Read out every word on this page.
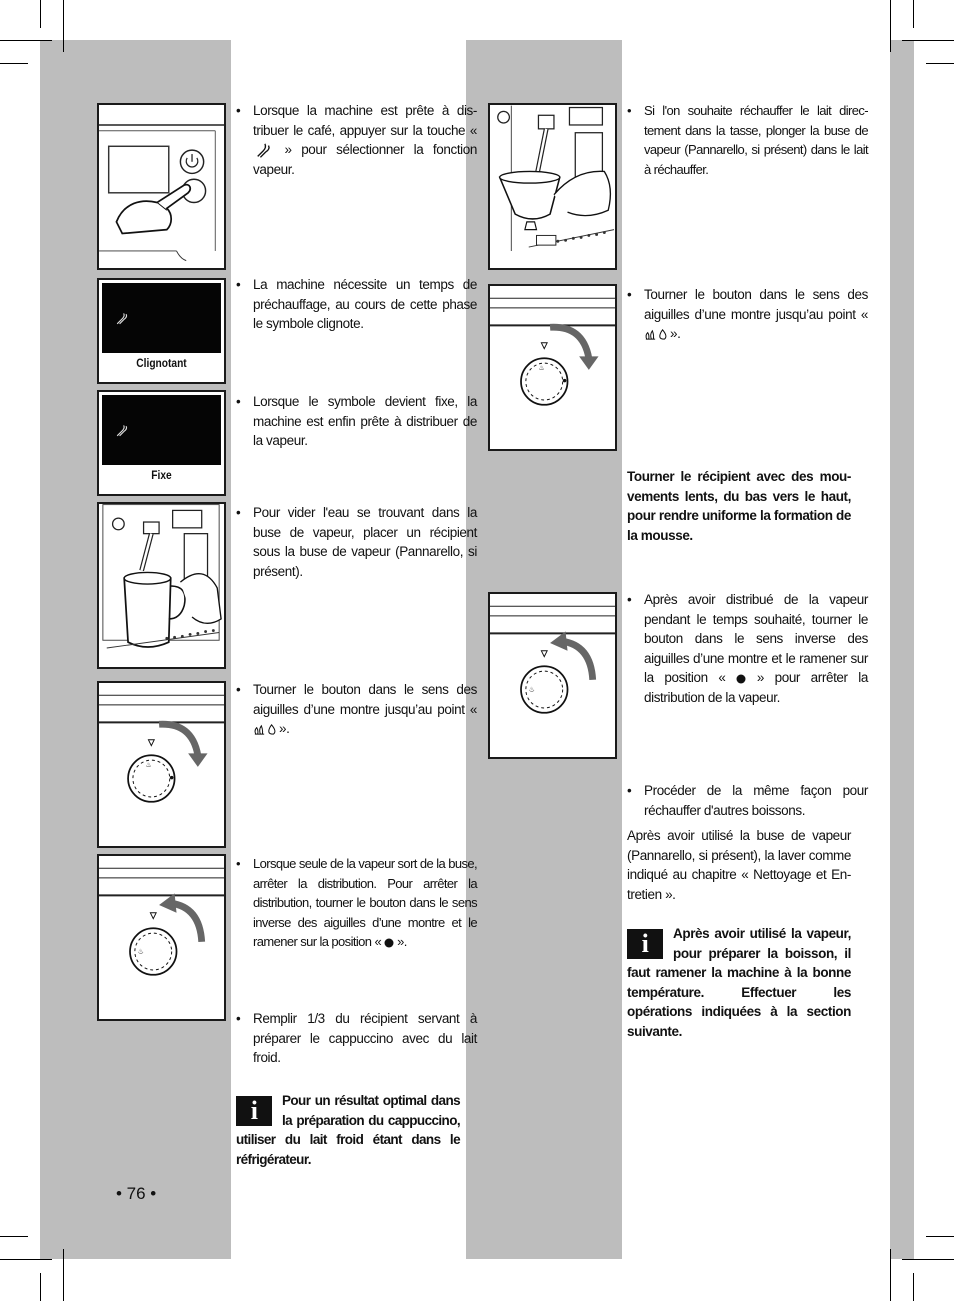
Clignotant
Fixe
♨
♨
• Lorsque la machine est prête à dis-tribuer le café, appuyer sur la touche «  » pour sélectionner la fonction vapeur.
• La machine nécessite un temps de préchauffage, au cours de cette phase le symbole clignote.
• Lorsque le symbole devient fixe, la machine est enfin prête à distribuer de la vapeur.
• Pour vider l'eau se trouvant dans la buse de vapeur, placer un récipient sous la buse de vapeur (Pannarello, si présent).
• Tourner le bouton dans le sens des aiguilles d’une montre jusqu’au point «».
• Lorsque seule de la vapeur sort de la buse, arrêter la distribution. Pour arrêter la distribution, tourner le bouton dans le sens inverse des aiguilles d’une montre et le ramener sur la position « ».
• Remplir 1/3 du récipient servant à préparer le cappuccino avec du lait froid.
i	Pour un résultat optimal dans la préparation du cappuccino, utiliser du lait froid étant dans le réfrigérateur.
• 76 •
♨
♨
• Si l'on souhaite réchauffer le lait direc-tement dans la tasse, plonger la buse de vapeur (Pannarello, si présent) dans le lait à réchauffer.
• Tourner le bouton dans le sens des aiguilles d’une montre jusqu’au point «».
Tourner le récipient avec des mou-vements lents, du bas vers le haut, pour rendre uniforme la formation de la mousse.
• Après avoir distribué de la vapeur pendant le temps souhaité, tourner le bouton dans le sens inverse des aiguilles d’une montre et le ramener sur la position « » pour arrêter la distribution de la vapeur.
• Procéder de la même façon pour réchauffer d'autres boissons.
Après avoir utilisé la buse de vapeur (Pannarello, si présent), la laver comme indiqué au chapitre « Nettoyage et En-tretien ».
i	Après avoir utilisé la vapeur, pour préparer la boisson, il faut ramener la machine à la bonne température. Effectuer les opérations indiquées à la section suivante.
